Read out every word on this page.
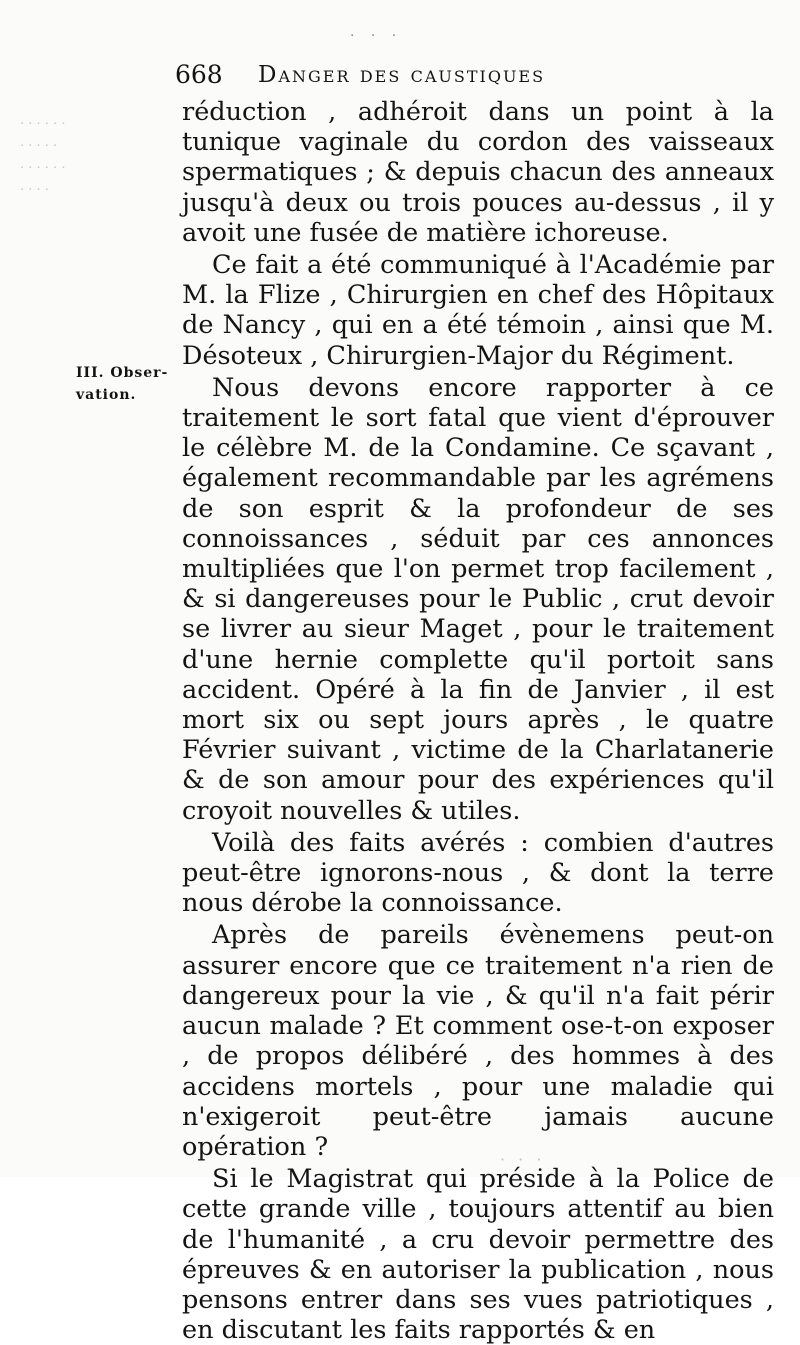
· · ·
. . . . . .
. . . . .
. . . . . .
. . . .
668 Danger des caustiques
III. Obser-
vation.

réduction , adhéroit dans un point à la tunique vaginale du cordon des vaisseaux spermatiques ; & depuis chacun des anneaux jusqu'à deux ou trois pouces au-dessus , il y avoit une fusée de matière ichoreuse.

Ce fait a été communiqué à l'Académie par M. la Flize , Chirurgien en chef des Hôpitaux de Nancy , qui en a été témoin , ainsi que M. Désoteux , Chirurgien-Major du Régiment.

Nous devons encore rapporter à ce traitement le sort fatal que vient d'éprouver le célèbre M. de la Condamine. Ce sçavant , également recommandable par les agrémens de son esprit & la profondeur de ses connoissances , séduit par ces annonces multipliées que l'on permet trop facilement , & si dangereuses pour le Public , crut devoir se livrer au sieur Maget , pour le traitement d'une hernie complette qu'il portoit sans accident. Opéré à la fin de Janvier , il est mort six ou sept jours après , le quatre Février suivant , victime de la Charlatanerie & de son amour pour des expériences qu'il croyoit nouvelles & utiles.

Voilà des faits avérés : combien d'autres peut-être ignorons-nous , & dont la terre nous dérobe la connoissance.

Après de pareils évènemens peut-on assurer encore que ce traitement n'a rien de dangereux pour la vie , & qu'il n'a fait périr aucun malade ? Et comment ose-t-on exposer , de propos délibéré , des hommes à des accidens mortels , pour une maladie qui n'exigeroit peut-être jamais aucune opération ?

Si le Magistrat qui préside à la Police de cette grande ville , toujours attentif au bien de l'humanité , a cru devoir permettre des épreuves & en autoriser la publication , nous pensons entrer dans ses vues patriotiques , en discutant les faits rapportés & en

· · ·
